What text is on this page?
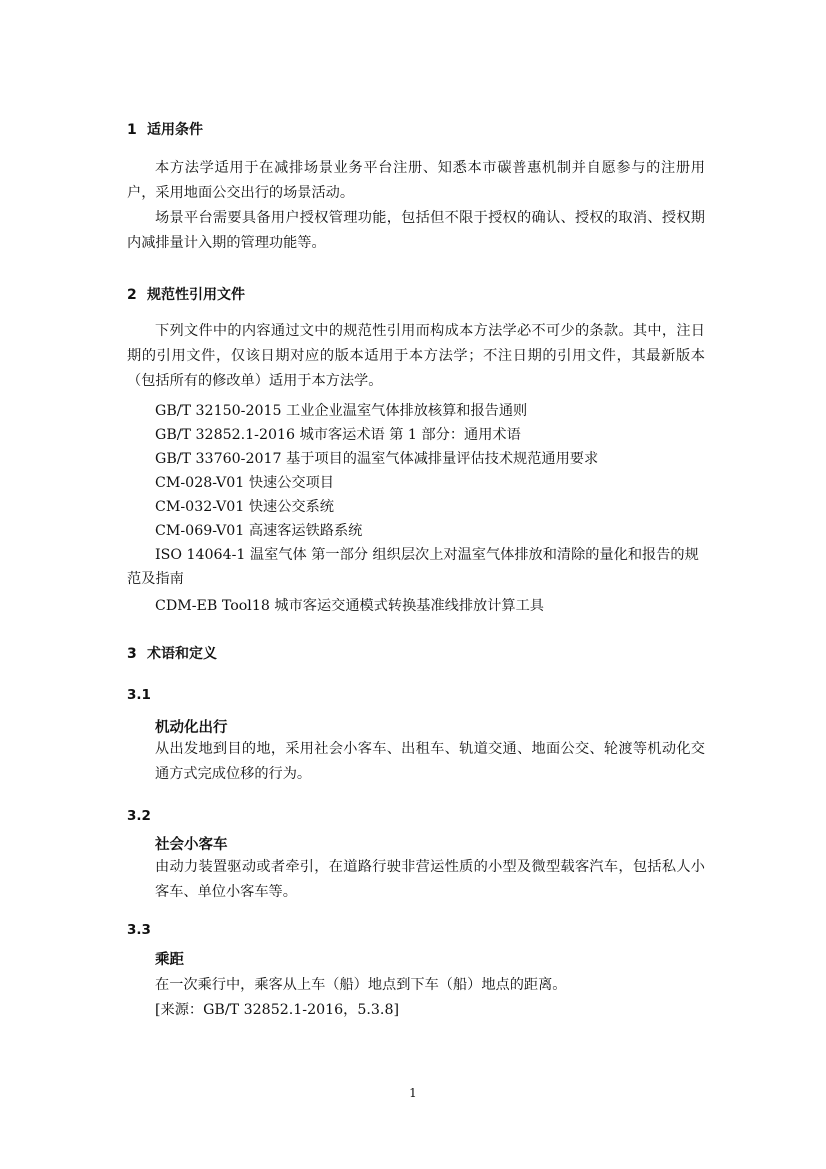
1 适用条件

本方法学适用于在减排场景业务平台注册、知悉本市碳普惠机制并自愿参与的注册用户，采用地面公交出行的场景活动。

场景平台需要具备用户授权管理功能，包括但不限于授权的确认、授权的取消、授权期内减排量计入期的管理功能等。

2 规范性引用文件

下列文件中的内容通过文中的规范性引用而构成本方法学必不可少的条款。其中，注日期的引用文件，仅该日期对应的版本适用于本方法学；不注日期的引用文件，其最新版本（包括所有的修改单）适用于本方法学。

GB/T 32150-2015 工业企业温室气体排放核算和报告通则
GB/T 32852.1-2016 城市客运术语 第 1 部分：通用术语
GB/T 33760-2017 基于项目的温室气体减排量评估技术规范通用要求
CM-028-V01 快速公交项目
CM-032-V01 快速公交系统
CM-069-V01 高速客运铁路系统

ISO 14064-1 温室气体 第一部分 组织层次上对温室气体排放和清除的量化和报告的规范及指南

CDM-EB Tool18 城市客运交通模式转换基准线排放计算工具
3 术语和定义
3.1
机动化出行

从出发地到目的地，采用社会小客车、出租车、轨道交通、地面公交、轮渡等机动化交通方式完成位移的行为。

3.2
社会小客车

由动力装置驱动或者牵引，在道路行驶非营运性质的小型及微型载客汽车，包括私人小客车、单位小客车等。

3.3
乘距
在一次乘行中，乘客从上车（船）地点到下车（船）地点的距离。
[来源：GB/T 32852.1-2016，5.3.8]
1
